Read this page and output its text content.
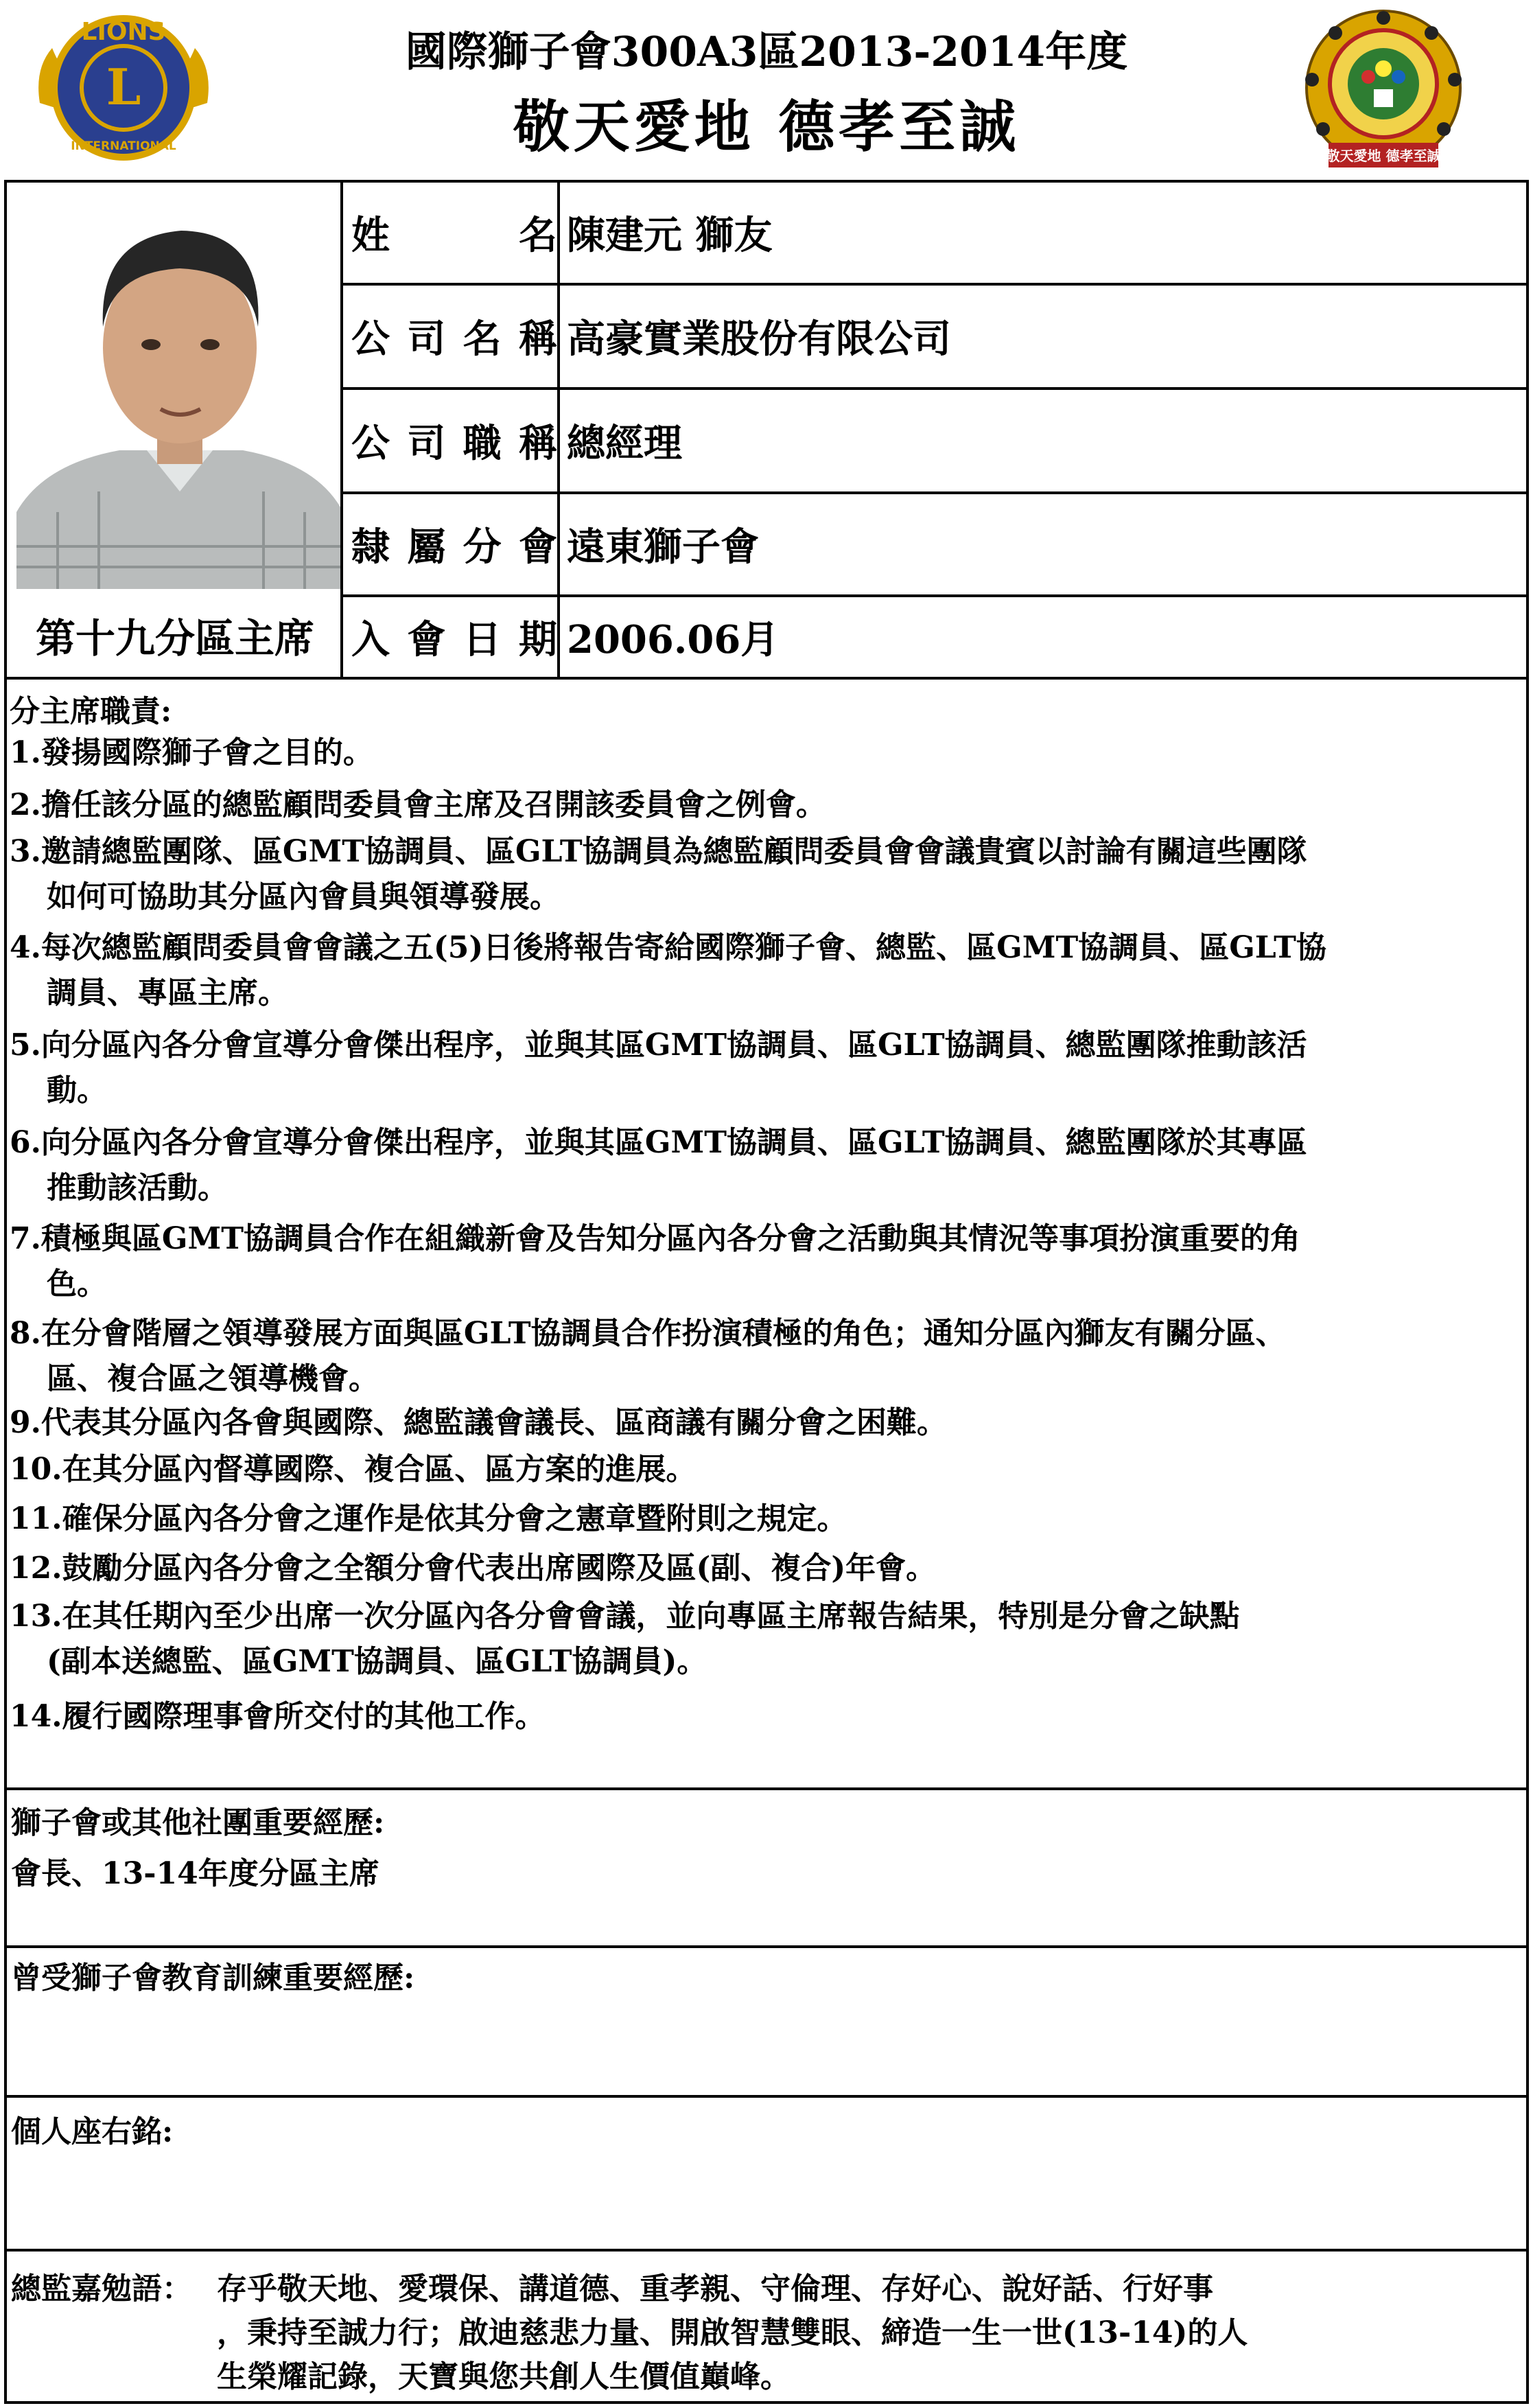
L
LIONS
INTERNATIONAL
國際獅子會300A3區2013-2014年度
敬天愛地 德孝至誠	敬天愛地 德孝至誠
第十九分區主席
姓名 陳建元 獅友
公司名稱 高豪實業股份有限公司
公司職稱 總經理
隸屬分會 遠東獅子會
入會日期 2006.06月
分主席職責:
1.發揚國際獅子會之目的。
2.擔任該分區的總監顧問委員會主席及召開該委員會之例會。
3.邀請總監團隊、區GMT協調員、區GLT協調員為總監顧問委員會會議貴賓以討論有關這些團隊
如何可協助其分區內會員與領導發展。
4.每次總監顧問委員會會議之五(5)日後將報告寄給國際獅子會、總監、區GMT協調員、區GLT協
調員、專區主席。
5.向分區內各分會宣導分會傑出程序，並與其區GMT協調員、區GLT協調員、總監團隊推動該活
動。
6.向分區內各分會宣導分會傑出程序，並與其區GMT協調員、區GLT協調員、總監團隊於其專區
推動該活動。
7.積極與區GMT協調員合作在組織新會及告知分區內各分會之活動與其情況等事項扮演重要的角
色。
8.在分會階層之領導發展方面與區GLT協調員合作扮演積極的角色；通知分區內獅友有關分區、
區、複合區之領導機會。
9.代表其分區內各會與國際、總監議會議長、區商議有關分會之困難。
10.在其分區內督導國際、複合區、區方案的進展。
11.確保分區內各分會之運作是依其分會之憲章暨附則之規定。
12.鼓勵分區內各分會之全額分會代表出席國際及區(副、複合)年會。
13.在其任期內至少出席一次分區內各分會會議，並向專區主席報告結果，特別是分會之缺點
(副本送總監、區GMT協調員、區GLT協調員)。
14.履行國際理事會所交付的其他工作。
獅子會或其他社團重要經歷:
會長、13-14年度分區主席
曾受獅子會教育訓練重要經歷:
個人座右銘:
總監嘉勉語： 存乎敬天地、愛環保、講道德、重孝親、守倫理、存好心、說好話、行好事
，秉持至誠力行；啟迪慈悲力量、開啟智慧雙眼、締造一生一世(13-14)的人
生榮耀記錄，天寶與您共創人生價值巔峰。
